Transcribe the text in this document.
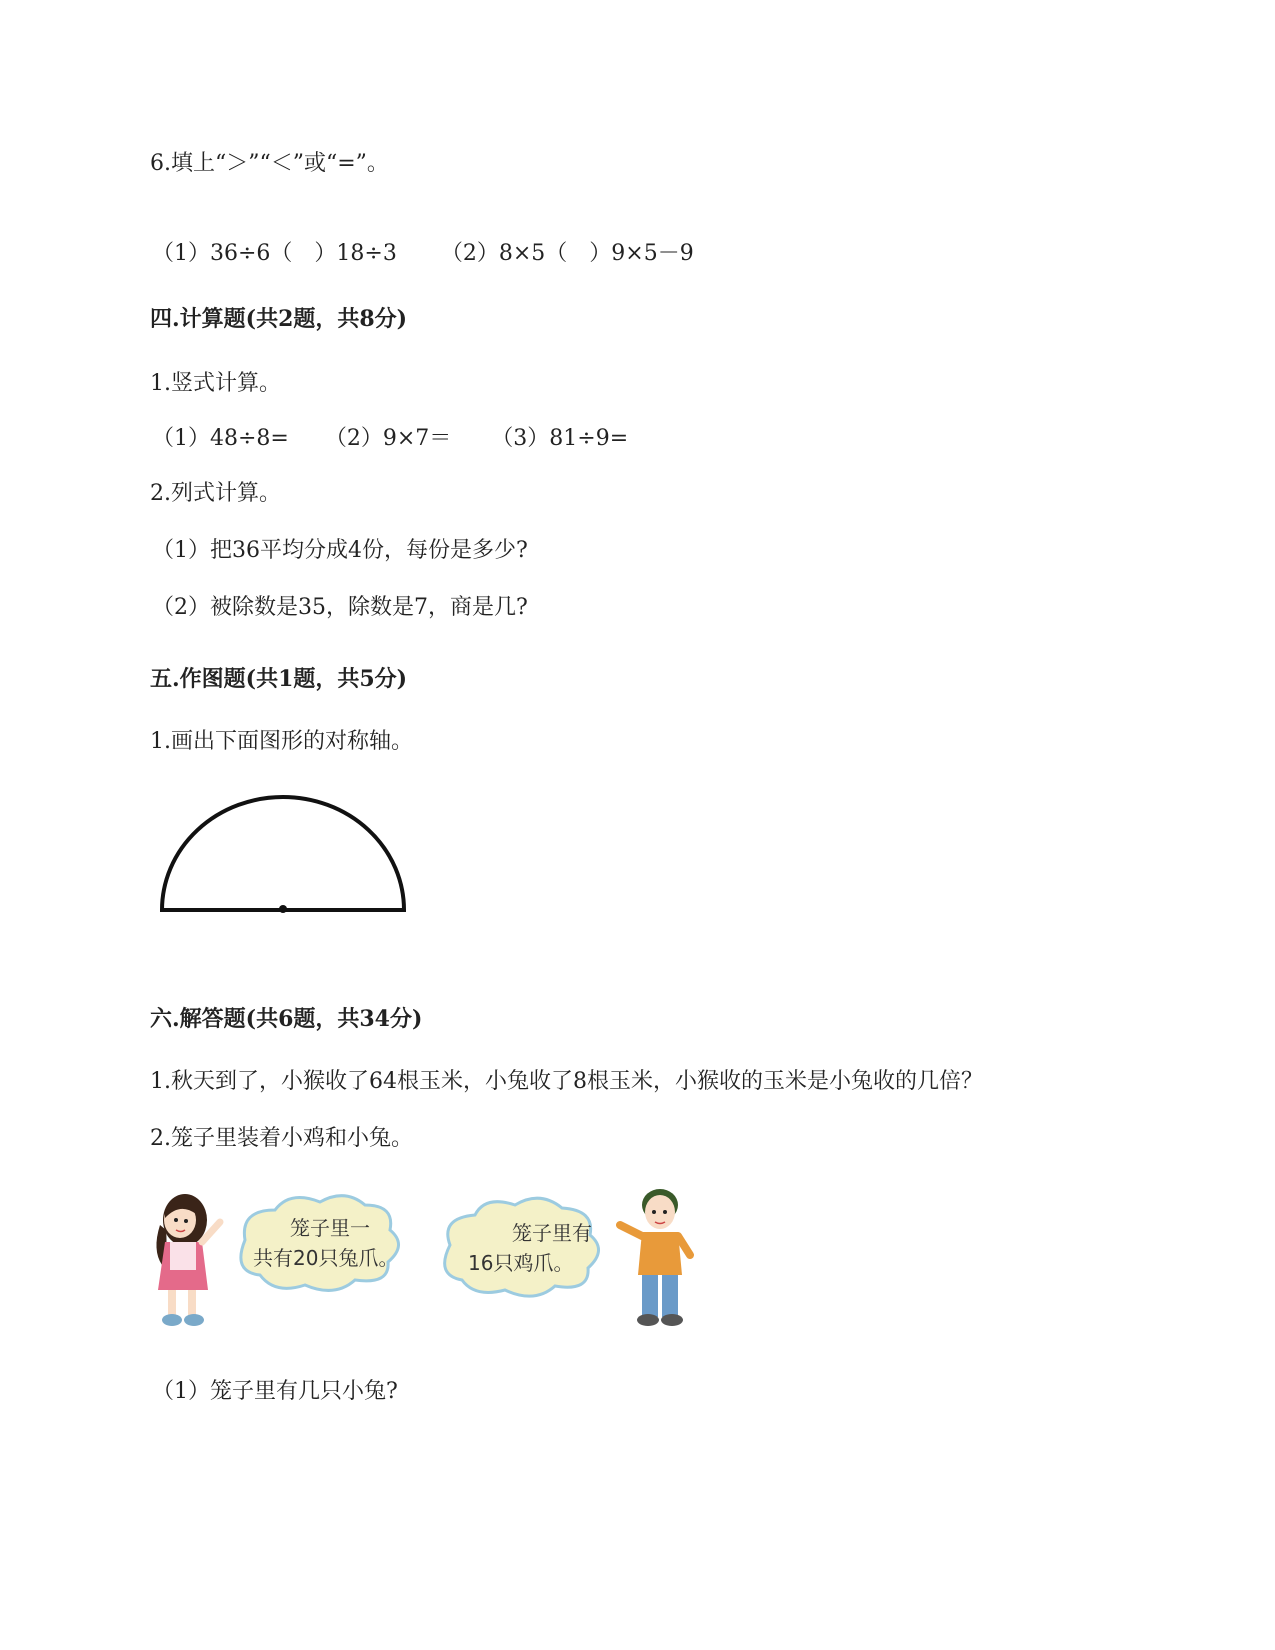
6.填上“＞”“＜”或“=”。
（1）36÷6（　）18÷3 （2）8×5（　）9×5－9
四.计算题(共2题，共8分)
1.竖式计算。
（1）48÷8= （2）9×7＝ （3）81÷9=
2.列式计算。
（1）把36平均分成4份，每份是多少?
（2）被除数是35，除数是7，商是几?
五.作图题(共1题，共5分)
1.画出下面图形的对称轴。
六.解答题(共6题，共34分)
1.秋天到了，小猴收了64根玉米，小兔收了8根玉米，小猴收的玉米是小兔收的几倍？
2.笼子里装着小鸡和小兔。
笼子里一
共有20只兔爪。
笼子里有
16只鸡爪。
（1）笼子里有几只小兔?
